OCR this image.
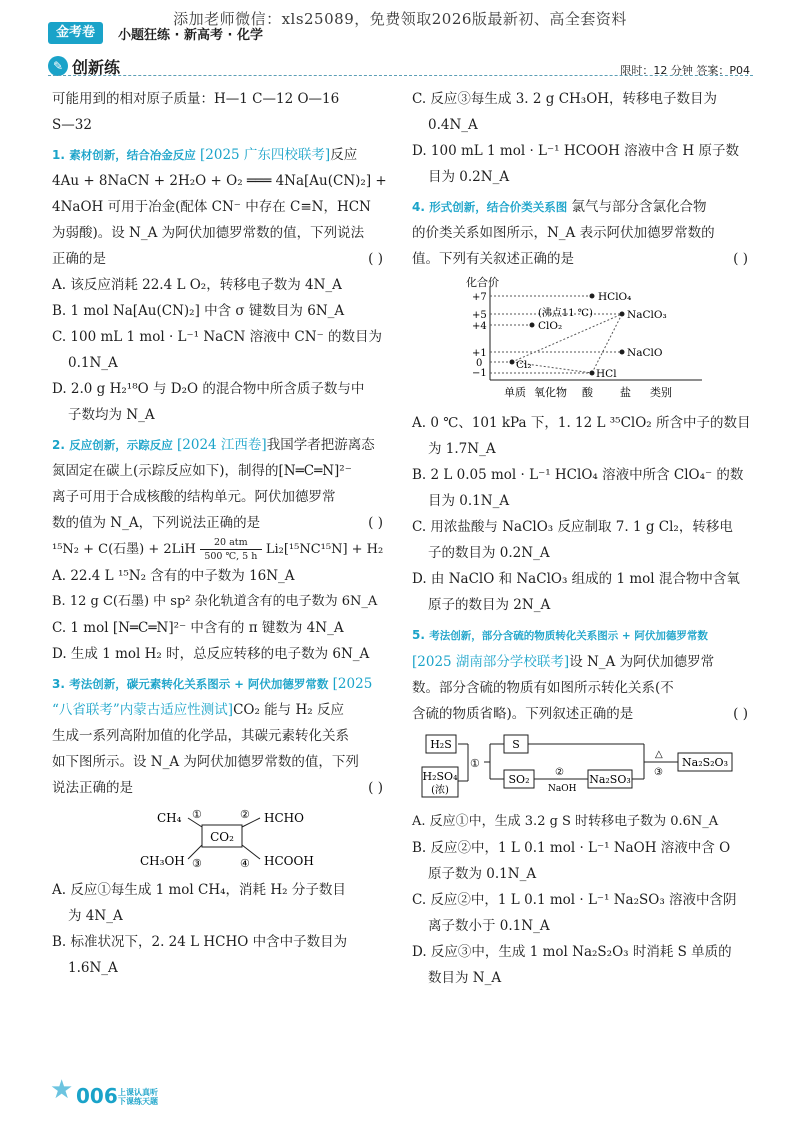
添加老师微信：xls25089，免费领取2026版最新初、高全套资料
金考卷	小题狂练 · 新高考 · 化学
✎ 创新练	限时：12 分钟 答案：P04

可能用到的相对原子质量：H—1 C—12 O—16

S—32

1. 素材创新，结合冶金反应 [2025 广东四校联考]反应

4Au + 8NaCN + 2H₂O + O₂ ═══ 4Na[Au(CN)₂] +

4NaOH 可用于冶金(配体 CN⁻ 中存在 C≡N，HCN

为弱酸)。设 N_A 为阿伏加德罗常数的值，下列说法

正确的是	( )

A. 该反应消耗 22.4 L O₂，转移电子数为 4N_A

B. 1 mol Na[Au(CN)₂] 中含 σ 键数目为 6N_A

C. 100 mL 1 mol · L⁻¹ NaCN 溶液中 CN⁻ 的数目为

0.1N_A

D. 2.0 g H₂¹⁸O 与 D₂O 的混合物中所含质子数与中

子数均为 N_A

2. 反应创新，示踪反应 [2024 江西卷]我国学者把游离态

氮固定在碳上(示踪反应如下)，制得的[N═C═N]²⁻

离子可用于合成核酸的结构单元。阿伏加德罗常

数的值为 N_A，下列说法正确的是	( )

¹⁵N₂ + C(石墨) + 2LiH 20 atm
500 ℃, 5 h Li₂[¹⁵NC¹⁵N] + H₂

A. 22.4 L ¹⁵N₂ 含有的中子数为 16N_A

B. 12 g C(石墨) 中 sp² 杂化轨道含有的电子数为 6N_A

C. 1 mol [N═C═N]²⁻ 中含有的 π 键数为 4N_A

D. 生成 1 mol H₂ 时，总反应转移的电子数为 6N_A

3. 考法创新，碳元素转化关系图示 + 阿伏加德罗常数 [2025

“八省联考”内蒙古适应性测试]CO₂ 能与 H₂ 反应

生成一系列高附加值的化学品，其碳元素转化关系

如下图所示。设 N_A 为阿伏加德罗常数的值，下列

说法正确的是	( )

CO₂
CH₄	HCHO
CH₃OH	HCOOH
①	②
③	④

A. 反应①每生成 1 mol CH₄，消耗 H₂ 分子数目

为 4N_A

B. 标准状况下，2. 24 L HCHO 中含中子数目为

1.6N_A

C. 反应③每生成 3. 2 g CH₃OH，转移电子数目为

0.4N_A

D. 100 mL 1 mol · L⁻¹ HCOOH 溶液中含 H 原子数

目为 0.2N_A

4. 形式创新，结合价类关系图 氯气与部分含氯化合物

的价类关系如图所示，N_A 表示阿伏加德罗常数的

值。下列有关叙述正确的是	( )

化合价
+7
+5
+4
+1
0
−1
单质 氧化物 酸 盐 类别
HClO₄
NaClO₃
ClO₂
NaClO
Cl₂
HCl
(沸点11 ℃)

A. 0 ℃、101 kPa 下，1. 12 L ³⁵ClO₂ 所含中子的数目

为 1.7N_A

B. 2 L 0.05 mol · L⁻¹ HClO₄ 溶液中所含 ClO₄⁻ 的数

目为 0.1N_A

C. 用浓盐酸与 NaClO₃ 反应制取 7. 1 g Cl₂，转移电

子的数目为 0.2N_A

D. 由 NaClO 和 NaClO₃ 组成的 1 mol 混合物中含氧

原子的数目为 2N_A

5. 考法创新，部分含硫的物质转化关系图示 + 阿伏加德罗常数

[2025 湖南部分学校联考]设 N_A 为阿伏加德罗常

数。部分含硫的物质有如图所示转化关系(不

含硫的物质省略)。下列叙述正确的是	( )

H₂S
H₂SO₄
(浓)
①
S
SO₂
②
NaOH
Na₂SO₃
△
③
Na₂S₂O₃

A. 反应①中，生成 3.2 g S 时转移电子数为 0.6N_A

B. 反应②中，1 L 0.1 mol · L⁻¹ NaOH 溶液中含 O

原子数为 0.1N_A

C. 反应②中，1 L 0.1 mol · L⁻¹ Na₂SO₃ 溶液中含阴

离子数小于 0.1N_A

D. 反应③中，生成 1 mol Na₂S₂O₃ 时消耗 S 单质的

数目为 N_A

★ 006 上课认真听
下课练天题
